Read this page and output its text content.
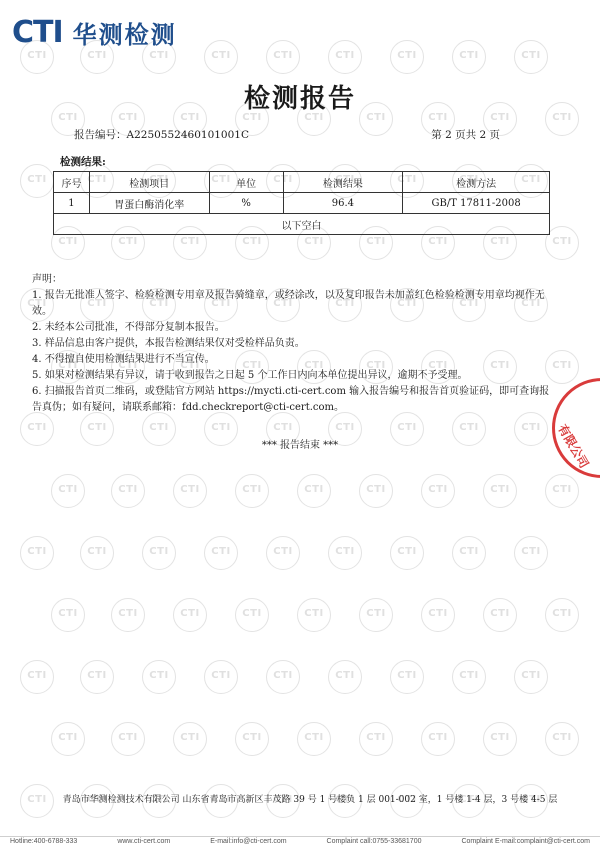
CTI
CTI
CTI
CTI
CTI
CTI
CTI
CTI
CTI
CTI
CTI
CTI
CTI
CTI
CTI
CTI
CTI
CTI
CTI
CTI
CTI
CTI
CTI
CTI
CTI
CTI
CTI
CTI
CTI
CTI
CTI
CTI
CTI
CTI
CTI
CTI
CTI
CTI
CTI
CTI
CTI
CTI
CTI
CTI
CTI
CTI
CTI
CTI
CTI
CTI
CTI
CTI
CTI
CTI
CTI
CTI
CTI
CTI
CTI
CTI
CTI
CTI
CTI
CTI
CTI
CTI
CTI
CTI
CTI
CTI
CTI
CTI
CTI
CTI
CTI
CTI
CTI
CTI
CTI
CTI
CTI
CTI
CTI
CTI
CTI
CTI
CTI
CTI
CTI
CTI
CTI
CTI
CTI
CTI
CTI
CTI
CTI
CTI
CTI
CTI
CTI
CTI
CTI
CTI
CTI
CTI
CTI
CTI
CTI
CTI
CTI
CTI
CTI
CTI
CTI
CTI
CTI
CTI 华测检测
检测报告
报告编号：A2250552460101001C	第 2 页共 2 页
检测结果:
序号	检测项目	单位	检测结果	检测方法
1	胃蛋白酶消化率	%	96.4	GB/T 17811-2008
以下空白				

声明：

1. 报告无批准人签字、检验检测专用章及报告骑缝章，或经涂改，以及复印报告未加盖红色检验检测专用章均视作无效。

2. 未经本公司批准，不得部分复制本报告。

3. 样品信息由客户提供，本报告检测结果仅对受检样品负责。

4. 不得擅自使用检测结果进行不当宣传。

5. 如果对检测结果有异议，请于收到报告之日起 5 个工作日内向本单位提出异议，逾期不予受理。

6. 扫描报告首页二维码，或登陆官方网站 https://mycti.cti-cert.com 输入报告编号和报告首页验证码，即可查询报告真伪；如有疑问，请联系邮箱：fdd.checkreport@cti-cert.com。

*** 报告结束 ***	有限公司
青岛市华测检测技术有限公司 山东省青岛市高新区丰茂路 39 号 1 号楼负 1 层 001-002 室，1 号楼 1-4 层，3 号楼 4-5 层
Hotline:400-6788-333	www.cti-cert.com	E-mail:info@cti-cert.com	Complaint call:0755-33681700	Complaint E-mail:complaint@cti-cert.com
